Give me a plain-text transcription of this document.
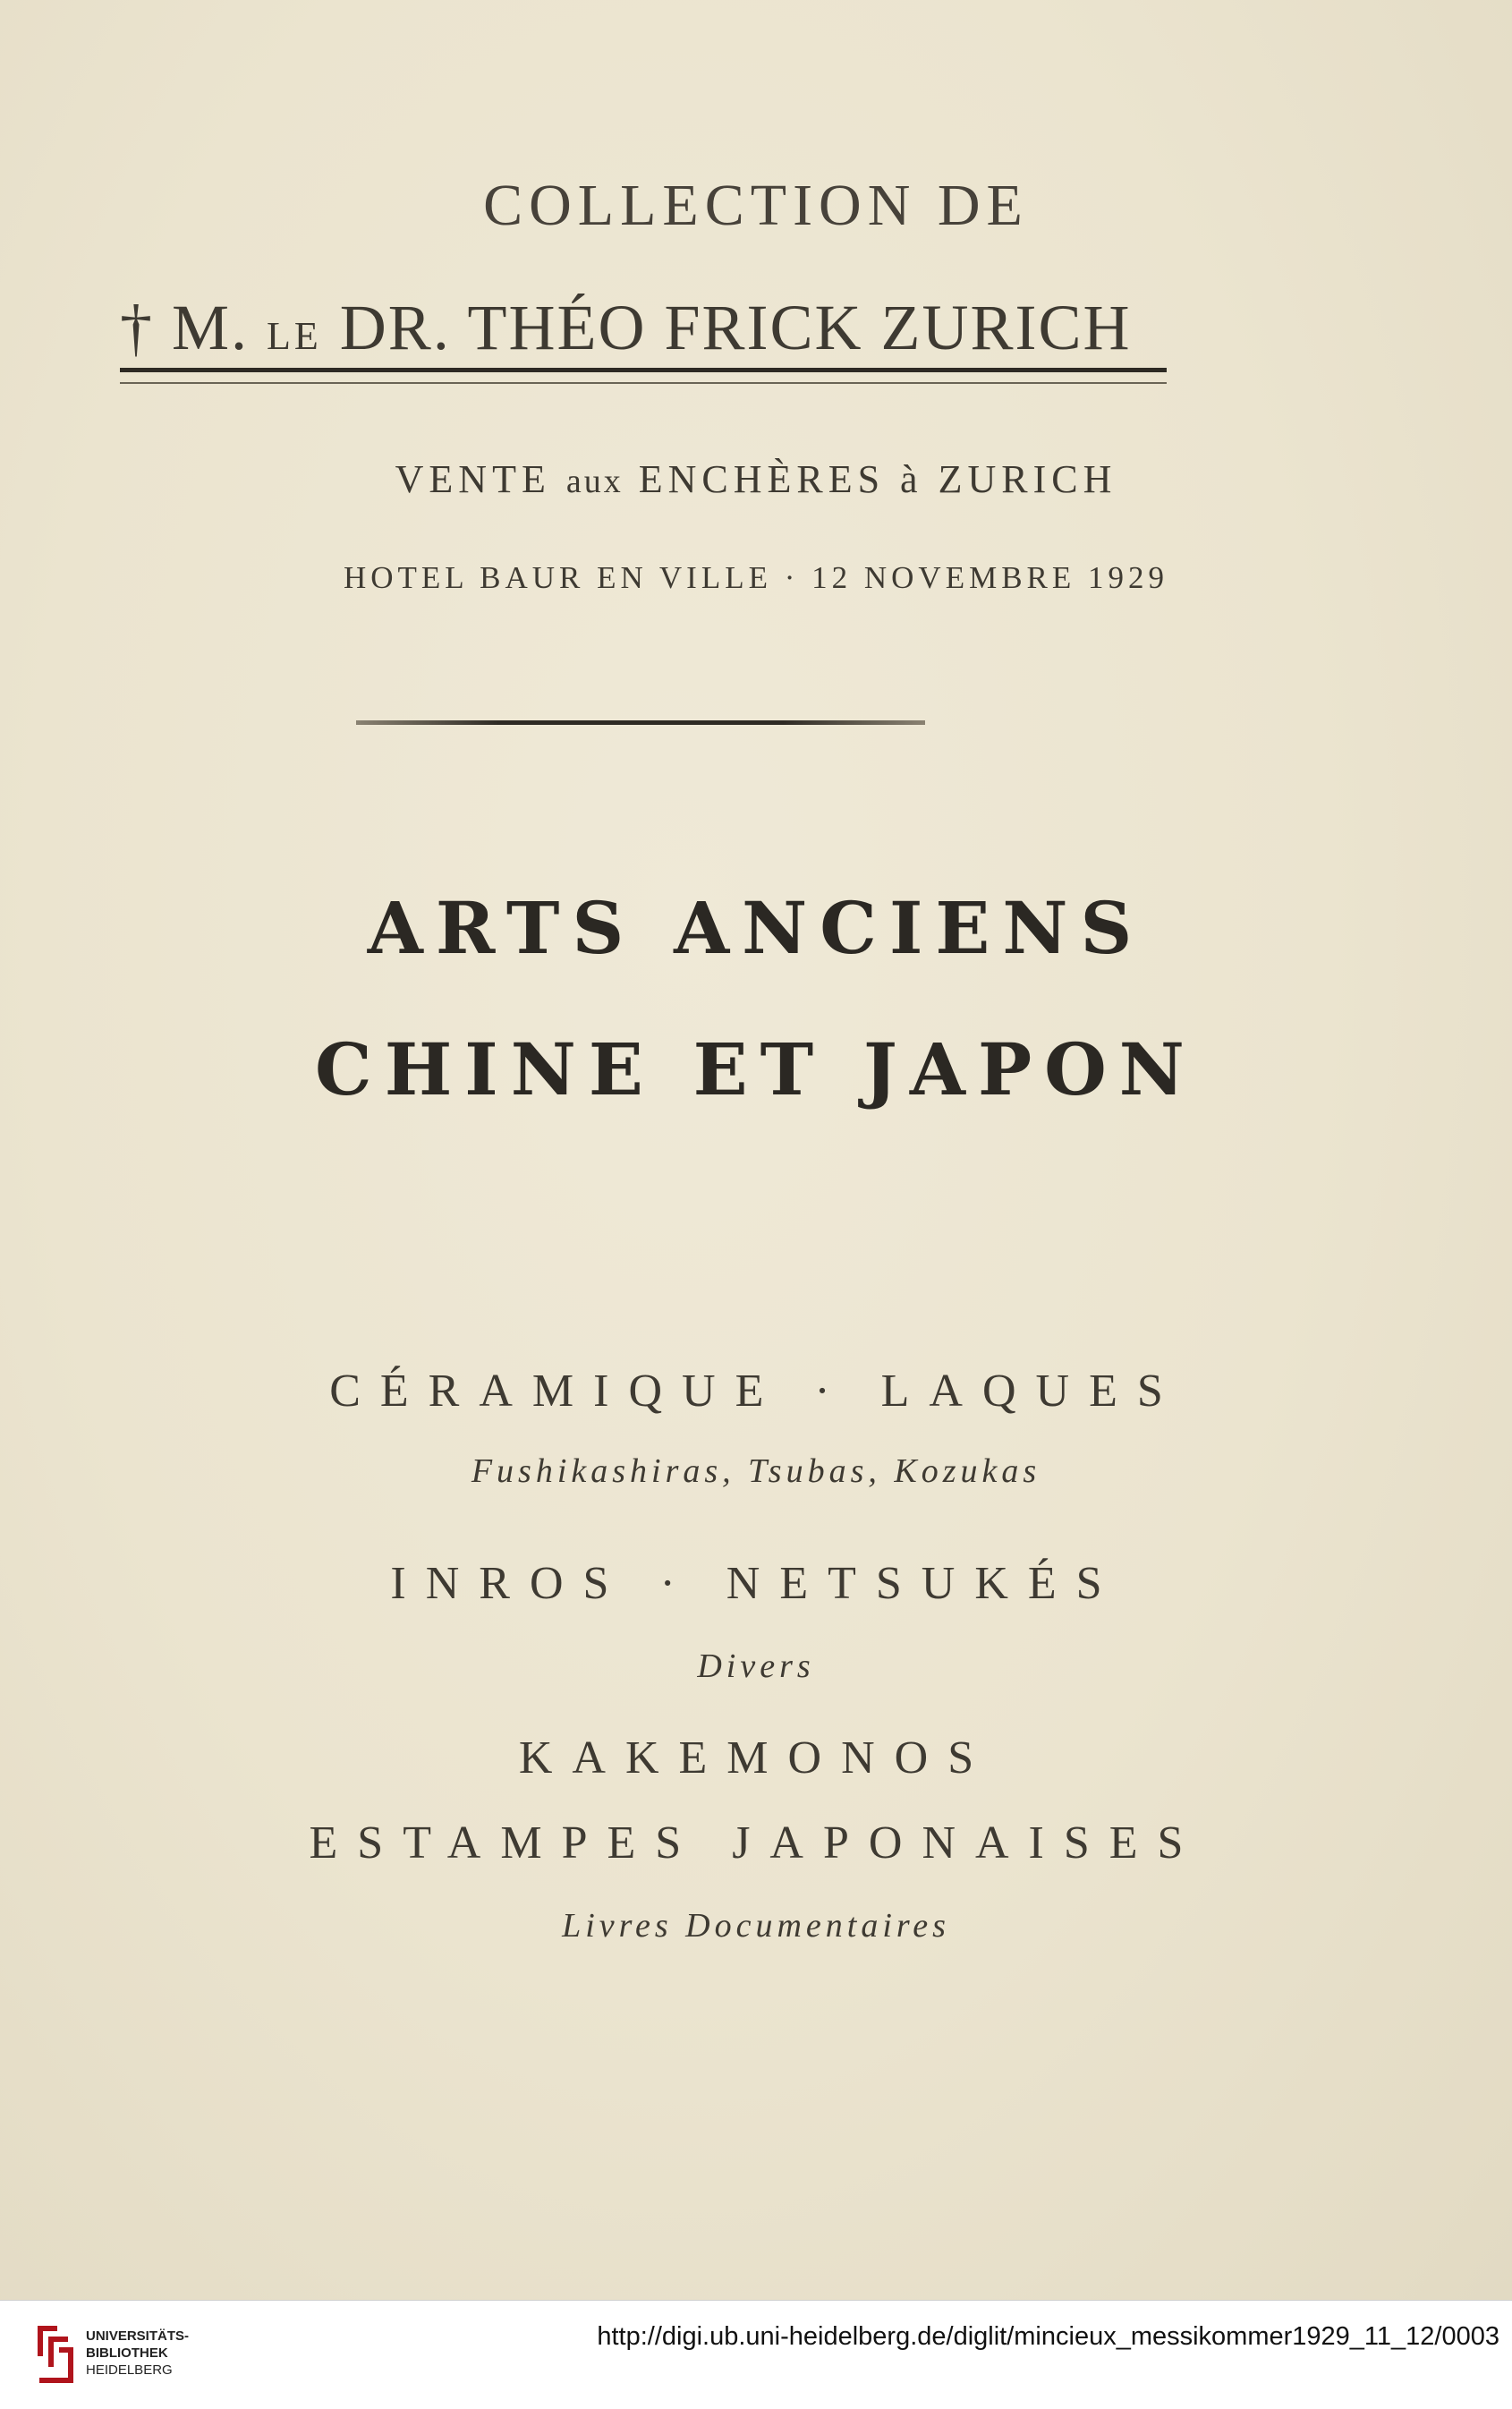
COLLECTION DE
† M. LE DR. THÉO FRICK ZURICH
VENTE aux ENCHÈRES à ZURICH
HOTEL BAUR EN VILLE · 12 NOVEMBRE 1929
ARTS ANCIENS
CHINE ET JAPON
CÉRAMIQUE · LAQUES
Fushikashiras, Tsubas, Kozukas
INROS · NETSUKÉS
Divers
KAKEMONOS
ESTAMPES JAPONAISES
Livres Documentaires
UNIVERSITÄTS-
BIBLIOTHEK
HEIDELBERG
http://digi.ub.uni-heidelberg.de/diglit/mincieux_messikommer1929_11_12/0003
